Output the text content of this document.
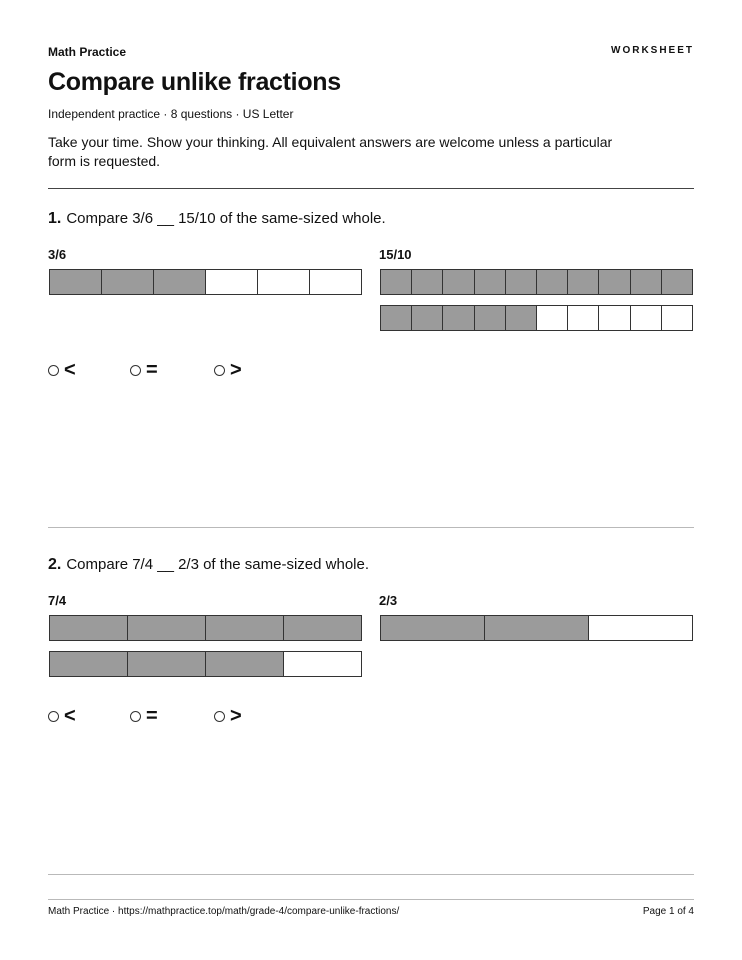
Math Practice	WORKSHEET
Compare unlike fractions
Independent practice · 8 questions · US Letter

Take your time. Show your thinking. All equivalent answers are welcome unless a particular form is requested.

1. Compare 3/6 __ 15/10 of the same-sized whole.
3/6	15/10
<	=	>
2. Compare 7/4 __ 2/3 of the same-sized whole.
7/4	2/3
<	=	>
Math Practice · https://mathpractice.top/math/grade-4/compare-unlike-fractions/	Page 1 of 4
